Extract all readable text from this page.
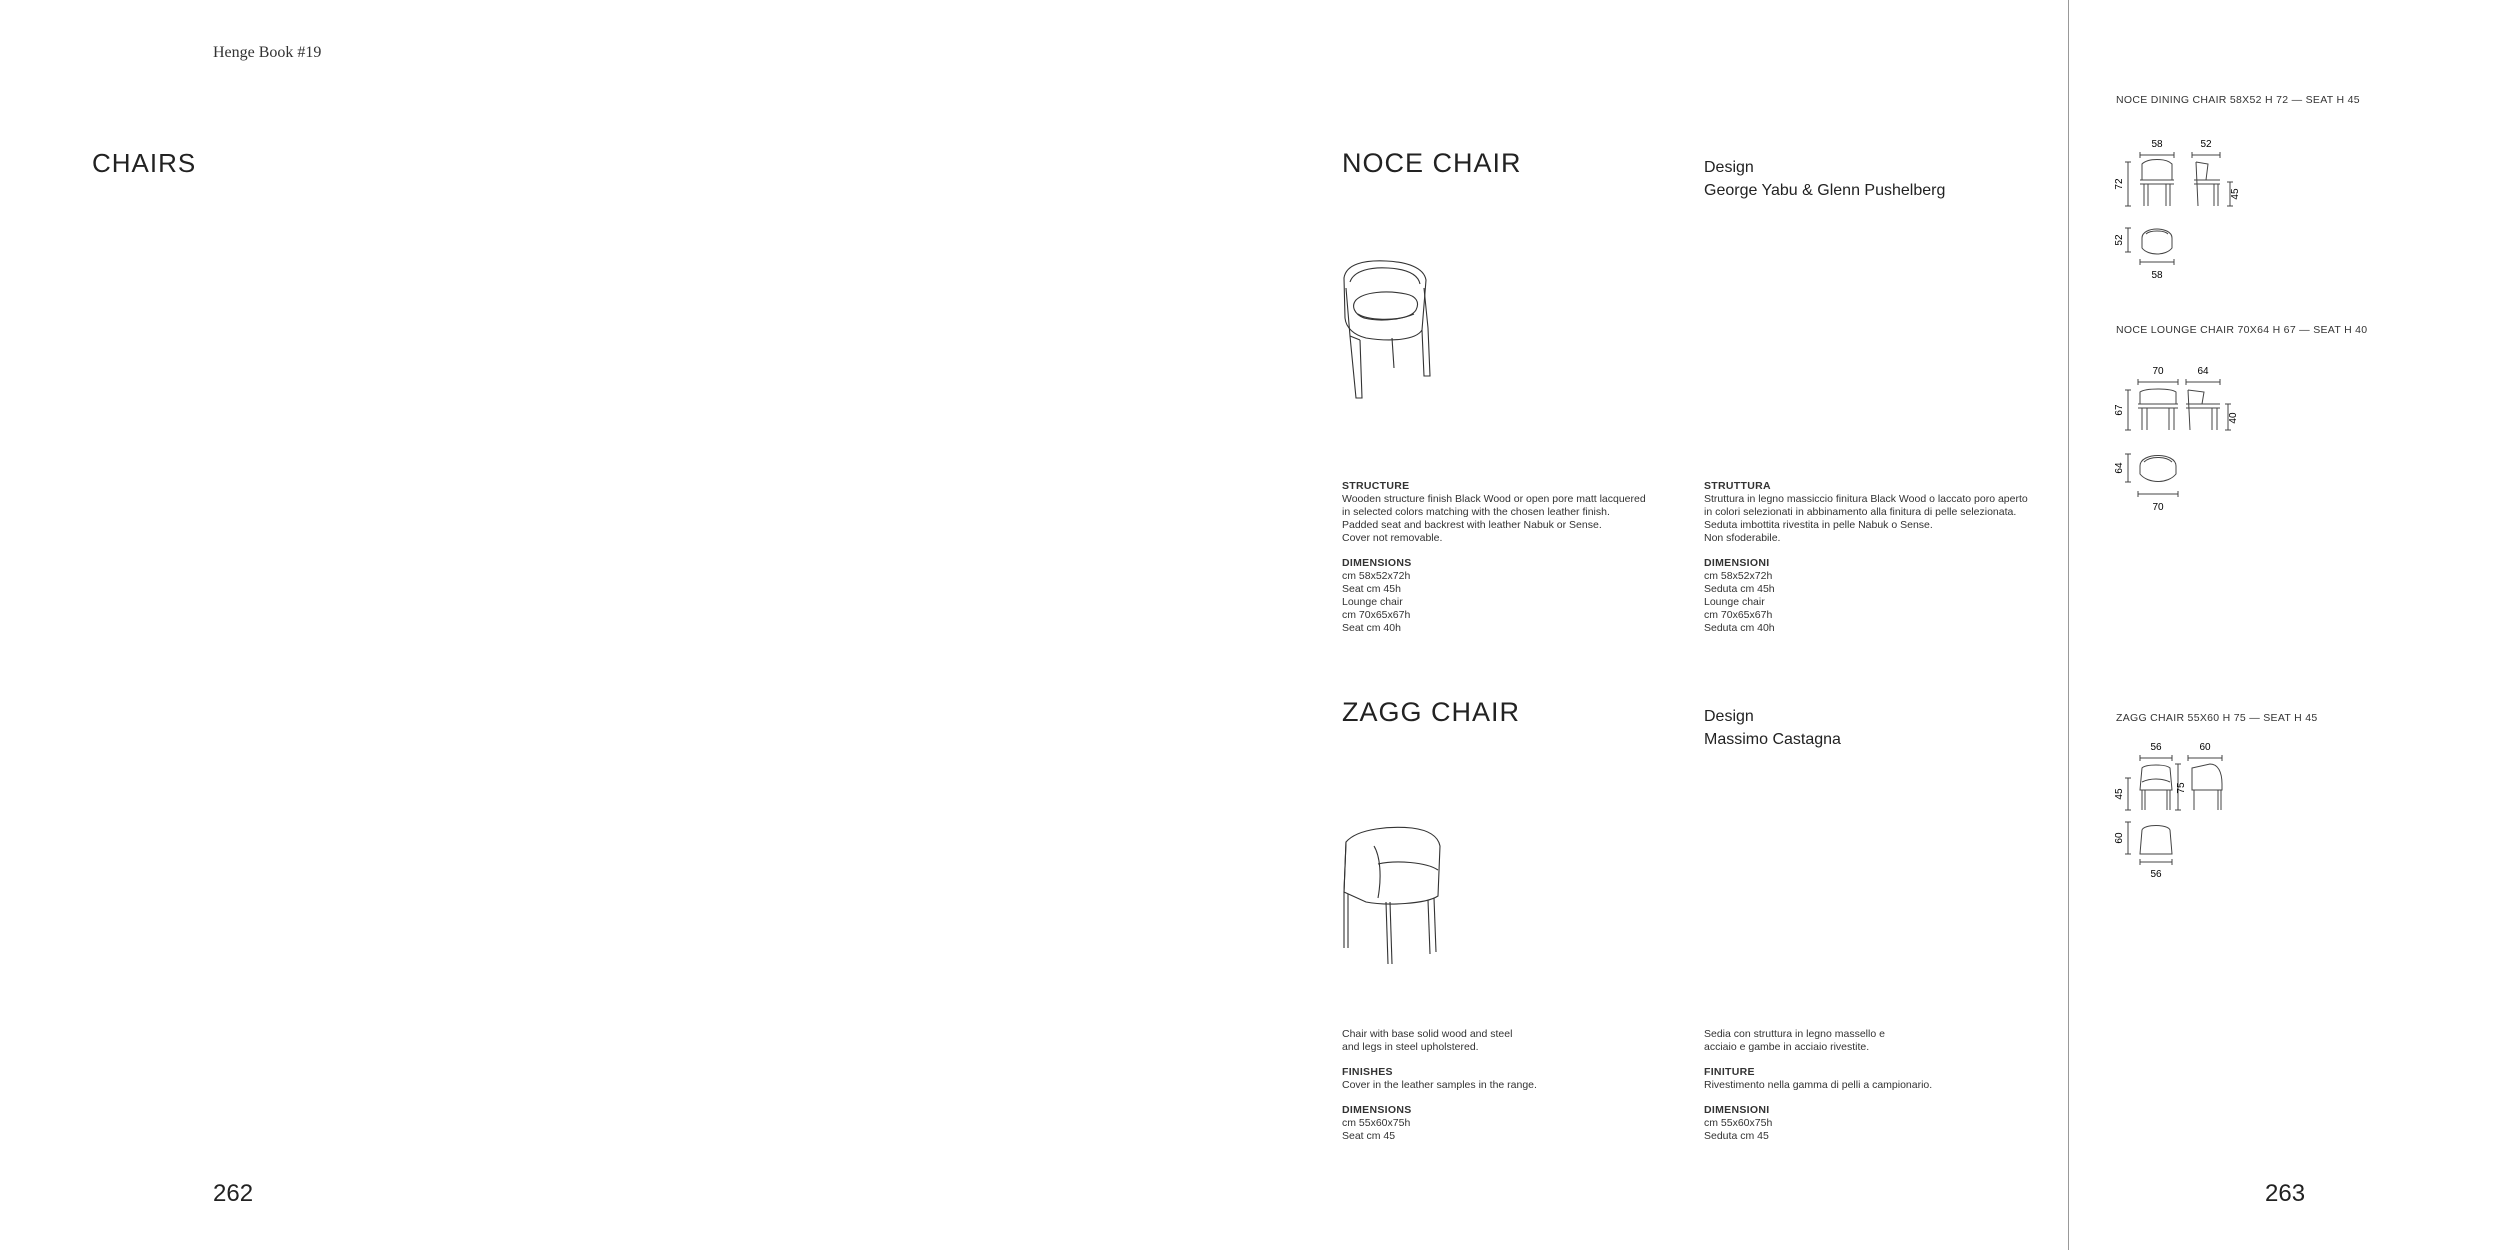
Henge Book #19
CHAIRS
262
NOCE CHAIR	Design
George Yabu & Glenn Pushelberg

STRUCTURE
Wooden structure finish Black Wood or open pore matt lacquered
in selected colors matching with the chosen leather finish.
Padded seat and backrest with leather Nabuk or Sense.
Cover not removable.

DIMENSIONS
cm 58x52x72h
Seat cm 45h
Lounge chair
cm 70x65x67h
Seat cm 40h

STRUTTURA
Struttura in legno massiccio finitura Black Wood o laccato poro aperto
in colori selezionati in abbinamento alla finitura di pelle selezionata.
Seduta imbottita rivestita in pelle Nabuk o Sense.
Non sfoderabile.

DIMENSIONI
cm 58x52x72h
Seduta cm 45h
Lounge chair
cm 70x65x67h
Seduta cm 40h

ZAGG CHAIR	Design
Massimo Castagna

Chair with base solid wood and steel
and legs in steel upholstered.

FINISHES
Cover in the leather samples in the range.

DIMENSIONS
cm 55x60x75h
Seat cm 45

Sedia con struttura in legno massello e
acciaio e gambe in acciaio rivestite.

FINITURE
Rivestimento nella gamma di pelli a campionario.

DIMENSIONI
cm 55x60x75h
Seduta cm 45

NOCE DINING CHAIR 58X52 H 72 — SEAT H 45
58	52
72
45
52
58
NOCE LOUNGE CHAIR 70X64 H 67 — SEAT H 40
70	64
67
40
64
70
ZAGG CHAIR 55X60 H 75 — SEAT H 45
56	60
45
75
60
56
263
